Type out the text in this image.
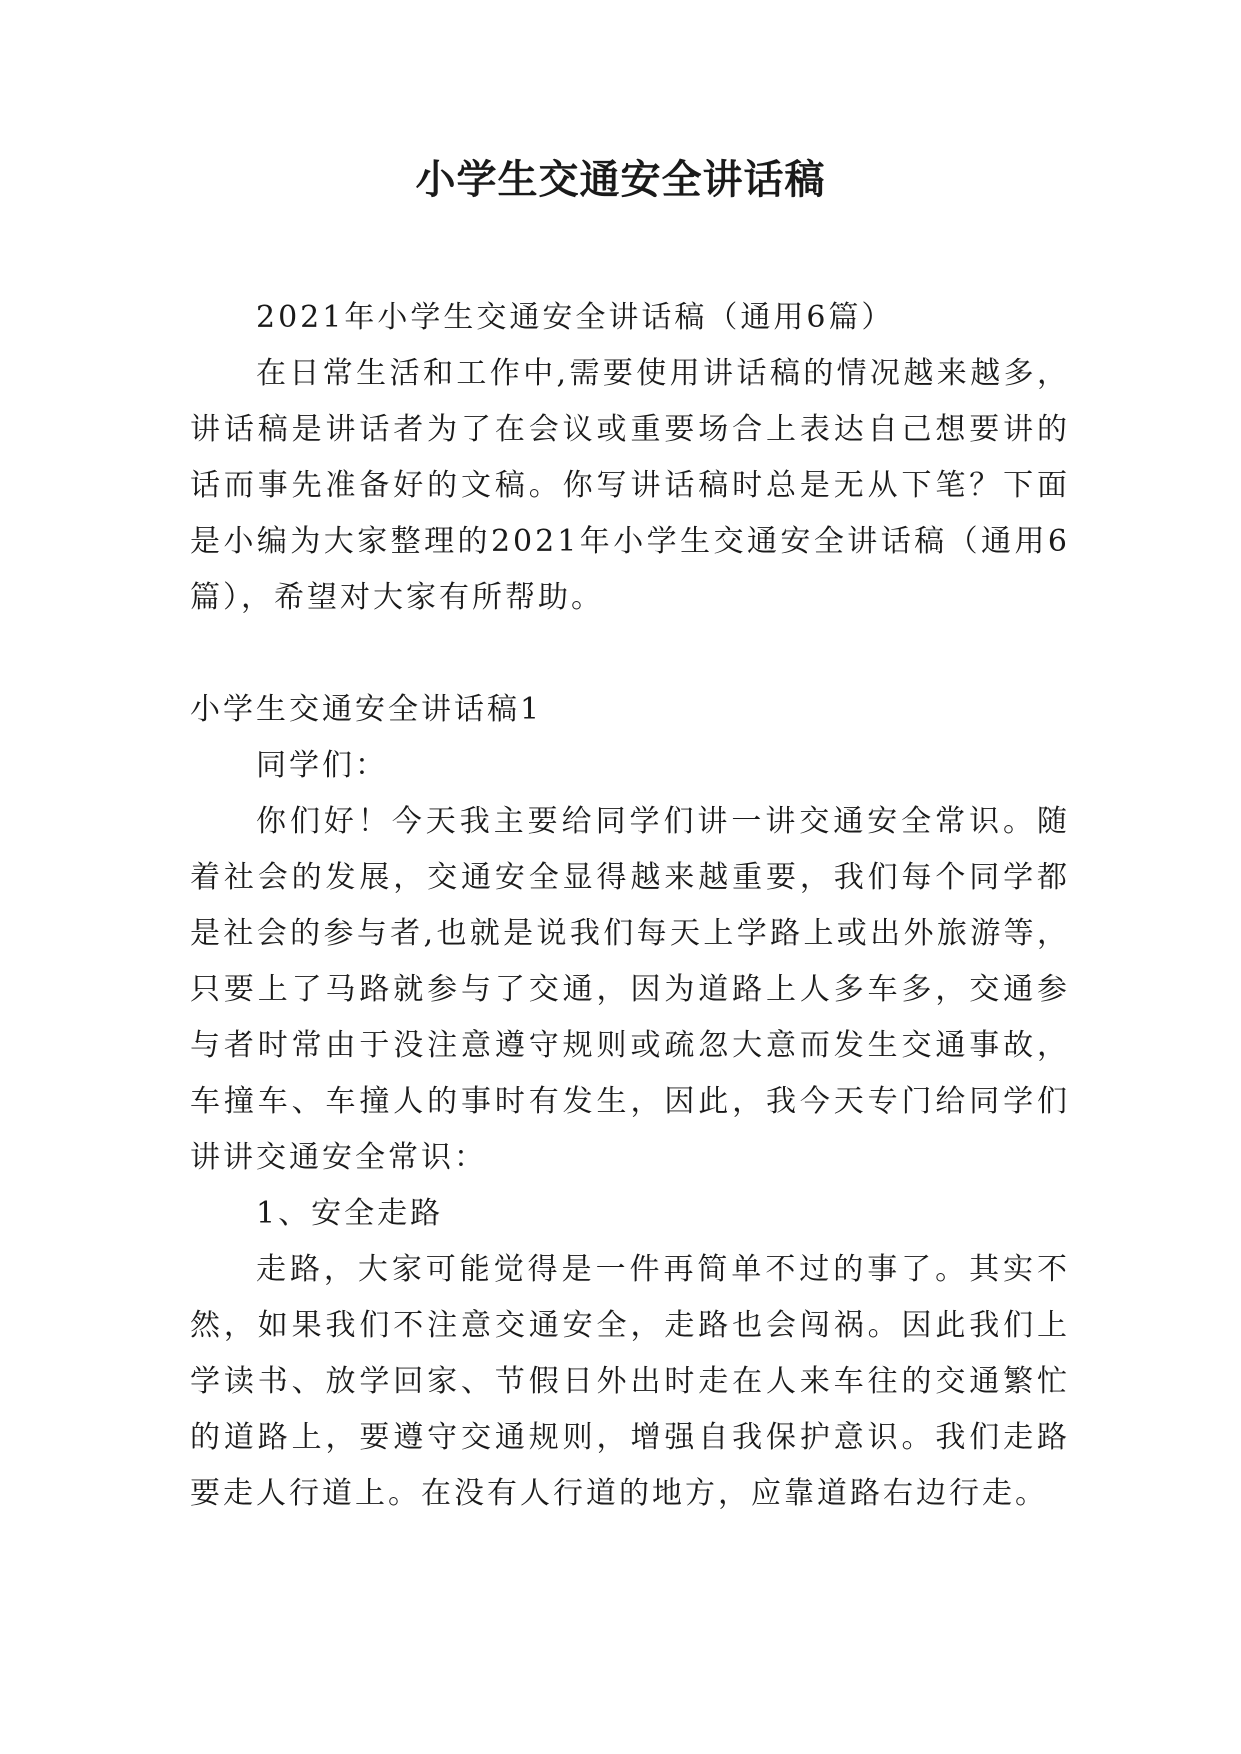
小学生交通安全讲话稿

2021年小学生交通安全讲话稿（通用6篇）

在日常生活和工作中,需要使用讲话稿的情况越来越多，讲话稿是讲话者为了在会议或重要场合上表达自己想要讲的话而事先准备好的文稿。你写讲话稿时总是无从下笔？下面是小编为大家整理的2021年小学生交通安全讲话稿（通用6篇），希望对大家有所帮助。

小学生交通安全讲话稿1

同学们：

你们好！今天我主要给同学们讲一讲交通安全常识。随着社会的发展，交通安全显得越来越重要，我们每个同学都是社会的参与者,也就是说我们每天上学路上或出外旅游等，只要上了马路就参与了交通，因为道路上人多车多，交通参与者时常由于没注意遵守规则或疏忽大意而发生交通事故，车撞车、车撞人的事时有发生，因此，我今天专门给同学们讲讲交通安全常识：

1、安全走路

走路，大家可能觉得是一件再简单不过的事了。其实不然，如果我们不注意交通安全，走路也会闯祸。因此我们上学读书、放学回家、节假日外出时走在人来车往的交通繁忙的道路上，要遵守交通规则，增强自我保护意识。我们走路要走人行道上。在没有人行道的地方，应靠道路右边行走。
